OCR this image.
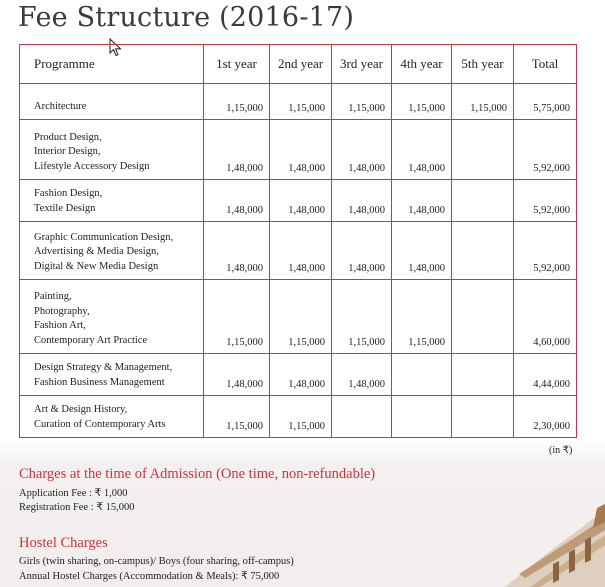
Fee Structure (2016-17)
Programme	1st year	2nd year	3rd year	4th year	5th year	Total

Architecture	1,15,000	1,15,000	1,15,000	1,15,000	1,15,000	5,75,000

Product Design,
Interior Design,
Lifestyle Accessory Design	1,48,000	1,48,000	1,48,000	1,48,000		5,92,000

Fashion Design,
Textile Design	1,48,000	1,48,000	1,48,000	1,48,000		5,92,000

Graphic Communication Design,
Advertising & Media Design,
Digital & New Media Design	1,48,000	1,48,000	1,48,000	1,48,000		5,92,000

Painting,
Photography,
Fashion Art,
Contemporary Art Practice	1,15,000	1,15,000	1,15,000	1,15,000		4,60,000

Design Strategy & Management,
Fashion Business Management	1,48,000	1,48,000	1,48,000			4,44,000

Art & Design History,
Curation of Contemporary Arts	1,15,000	1,15,000				2,30,000
(in ₹)
Charges at the time of Admission (One time, non-refundable)
Application Fee : ₹ 1,000
Registration Fee : ₹ 15,000
Hostel Charges
Girls (twin sharing, on-campus)/ Boys (four sharing, off-campus)
Annual Hostel Charges (Accommodation & Meals): ₹ 75,000
